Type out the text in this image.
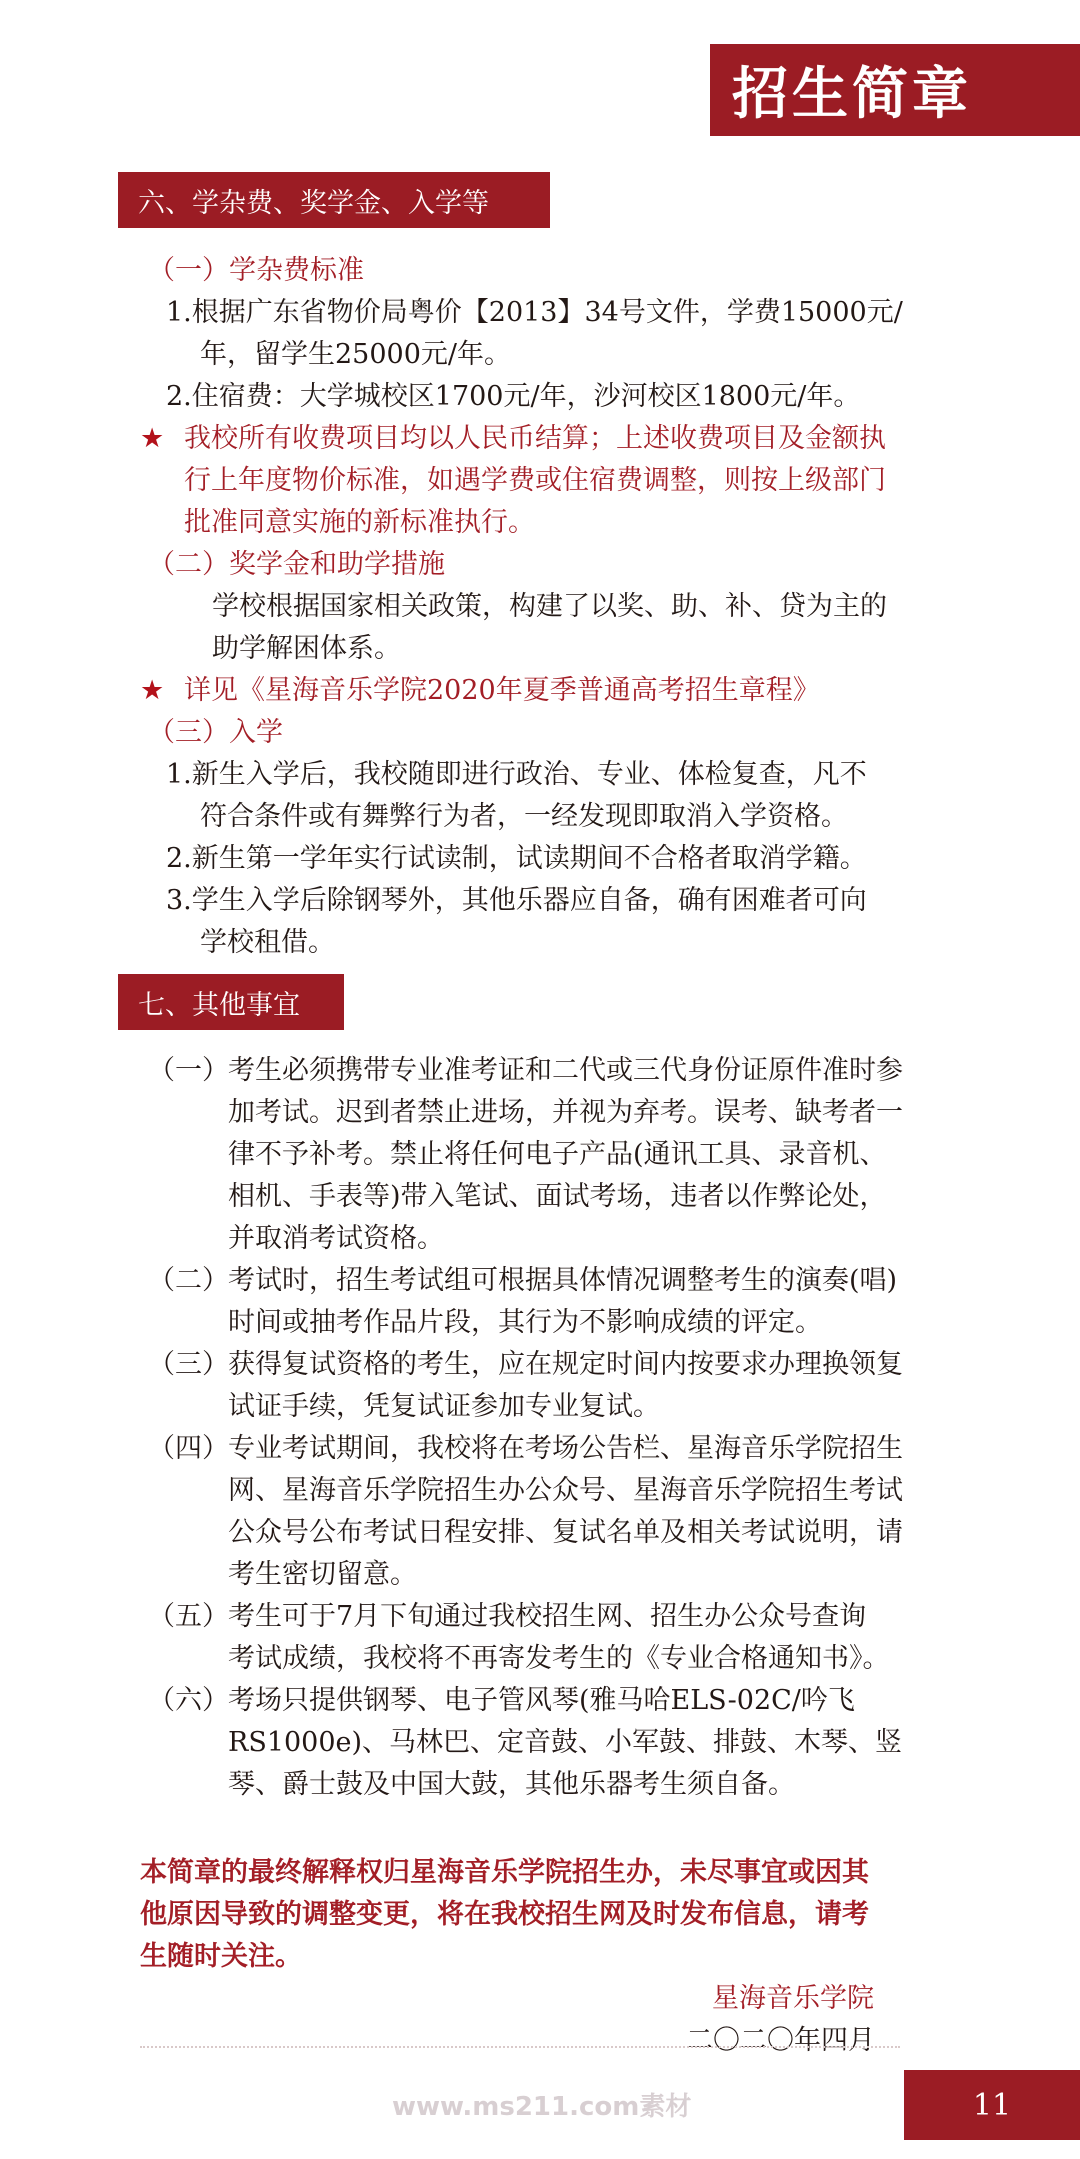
招生简章
六、学杂费、奖学金、入学等
（一）学杂费标准
1.根据广东省物价局粤价【2013】34号文件，学费15000元/
年，留学生25000元/年。
2.住宿费：大学城校区1700元/年，沙河校区1800元/年。
★ 我校所有收费项目均以人民币结算；上述收费项目及金额执
行上年度物价标准，如遇学费或住宿费调整，则按上级部门
批准同意实施的新标准执行。
（二）奖学金和助学措施
学校根据国家相关政策，构建了以奖、助、补、贷为主的
助学解困体系。
★ 详见《星海音乐学院2020年夏季普通高考招生章程》
（三）入学
1.新生入学后，我校随即进行政治、专业、体检复查，凡不
符合条件或有舞弊行为者，一经发现即取消入学资格。
2.新生第一学年实行试读制，试读期间不合格者取消学籍。
3.学生入学后除钢琴外，其他乐器应自备，确有困难者可向
学校租借。
七、其他事宜
（一） 考生必须携带专业准考证和二代或三代身份证原件准时参
加考试。迟到者禁止进场，并视为弃考。误考、缺考者一
律不予补考。禁止将任何电子产品(通讯工具、录音机、
相机、手表等)带入笔试、面试考场，违者以作弊论处，
并取消考试资格。
（二） 考试时，招生考试组可根据具体情况调整考生的演奏(唱)
时间或抽考作品片段，其行为不影响成绩的评定。
（三） 获得复试资格的考生，应在规定时间内按要求办理换领复
试证手续，凭复试证参加专业复试。
（四） 专业考试期间，我校将在考场公告栏、星海音乐学院招生
网、星海音乐学院招生办公众号、星海音乐学院招生考试
公众号公布考试日程安排、复试名单及相关考试说明，请
考生密切留意。
（五） 考生可于7月下旬通过我校招生网、招生办公众号查询
考试成绩，我校将不再寄发考生的《专业合格通知书》。
（六） 考场只提供钢琴、电子管风琴(雅马哈ELS-02C/吟飞
RS1000e)、马林巴、定音鼓、小军鼓、排鼓、木琴、竖
琴、爵士鼓及中国大鼓，其他乐器考生须自备。
本简章的最终解释权归星海音乐学院招生办，未尽事宜或因其
他原因导致的调整变更，将在我校招生网及时发布信息，请考
生随时关注。
星海音乐学院
二〇二〇年四月
www.ms211.com素材	11
